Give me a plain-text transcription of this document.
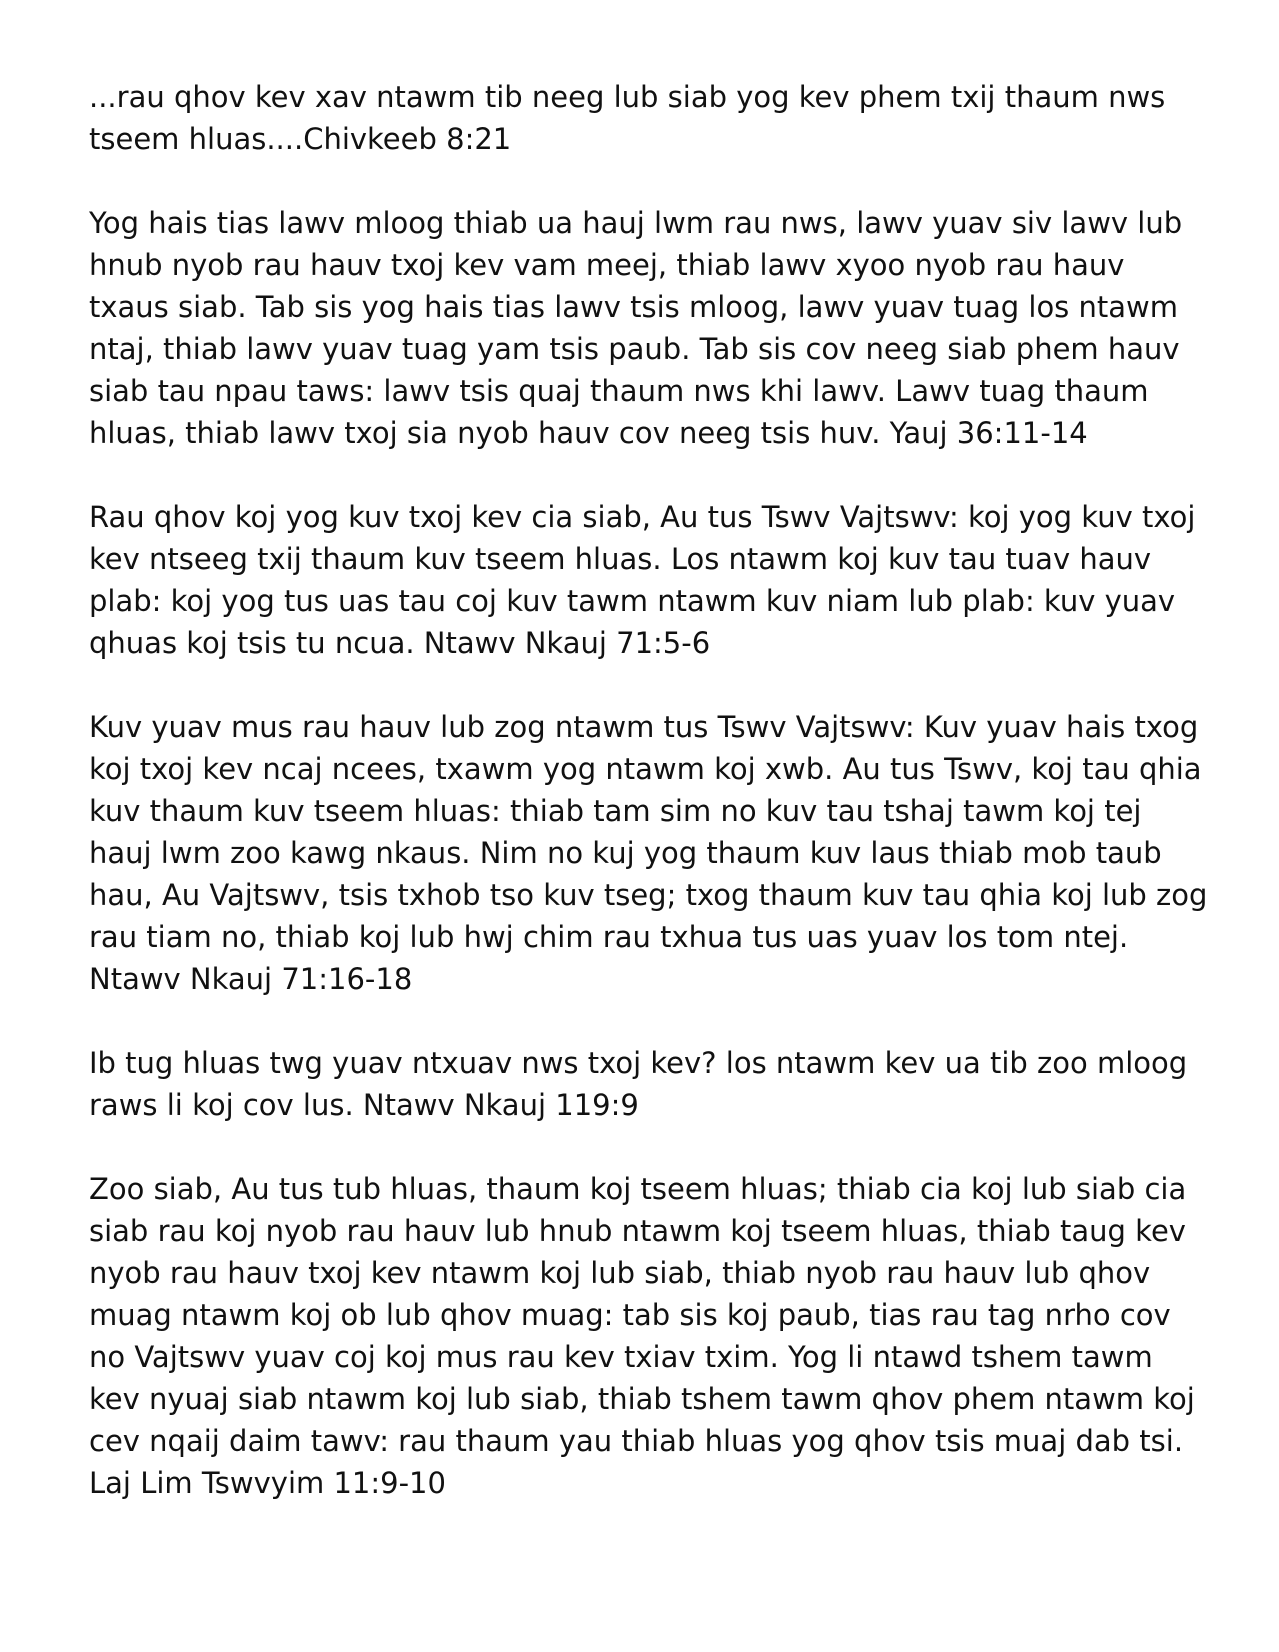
...rau qhov kev xav ntawm tib neeg lub siab yog kev phem txij thaum nws tseem hluas....Chivkeeb 8:21

Yog hais tias lawv mloog thiab ua hauj lwm rau nws, lawv yuav siv lawv lub hnub nyob rau hauv txoj kev vam meej, thiab lawv xyoo nyob rau hauv txaus siab. Tab sis yog hais tias lawv tsis mloog, lawv yuav tuag los ntawm ntaj, thiab lawv yuav tuag yam tsis paub. Tab sis cov neeg siab phem hauv siab tau npau taws: lawv tsis quaj thaum nws khi lawv. Lawv tuag thaum hluas, thiab lawv txoj sia nyob hauv cov neeg tsis huv. Yauj 36:11-14

Rau qhov koj yog kuv txoj kev cia siab, Au tus Tswv Vajtswv: koj yog kuv txoj kev ntseeg txij thaum kuv tseem hluas. Los ntawm koj kuv tau tuav hauv plab: koj yog tus uas tau coj kuv tawm ntawm kuv niam lub plab: kuv yuav qhuas koj tsis tu ncua. Ntawv Nkauj 71:5-6

Kuv yuav mus rau hauv lub zog ntawm tus Tswv Vajtswv: Kuv yuav hais txog koj txoj kev ncaj ncees, txawm yog ntawm koj xwb. Au tus Tswv, koj tau qhia kuv thaum kuv tseem hluas: thiab tam sim no kuv tau tshaj tawm koj tej hauj lwm zoo kawg nkaus. Nim no kuj yog thaum kuv laus thiab mob taub hau, Au Vajtswv, tsis txhob tso kuv tseg; txog thaum kuv tau qhia koj lub zog rau tiam no, thiab koj lub hwj chim rau txhua tus uas yuav los tom ntej. Ntawv Nkauj 71:16-18

Ib tug hluas twg yuav ntxuav nws txoj kev? los ntawm kev ua tib zoo mloog raws li koj cov lus. Ntawv Nkauj 119:9

Zoo siab, Au tus tub hluas, thaum koj tseem hluas; thiab cia koj lub siab cia siab rau koj nyob rau hauv lub hnub ntawm koj tseem hluas, thiab taug kev nyob rau hauv txoj kev ntawm koj lub siab, thiab nyob rau hauv lub qhov muag ntawm koj ob lub qhov muag: tab sis koj paub, tias rau tag nrho cov no Vajtswv yuav coj koj mus rau kev txiav txim. Yog li ntawd tshem tawm kev nyuaj siab ntawm koj lub siab, thiab tshem tawm qhov phem ntawm koj cev nqaij daim tawv: rau thaum yau thiab hluas yog qhov tsis muaj dab tsi. Laj Lim Tswvyim 11:9-10
